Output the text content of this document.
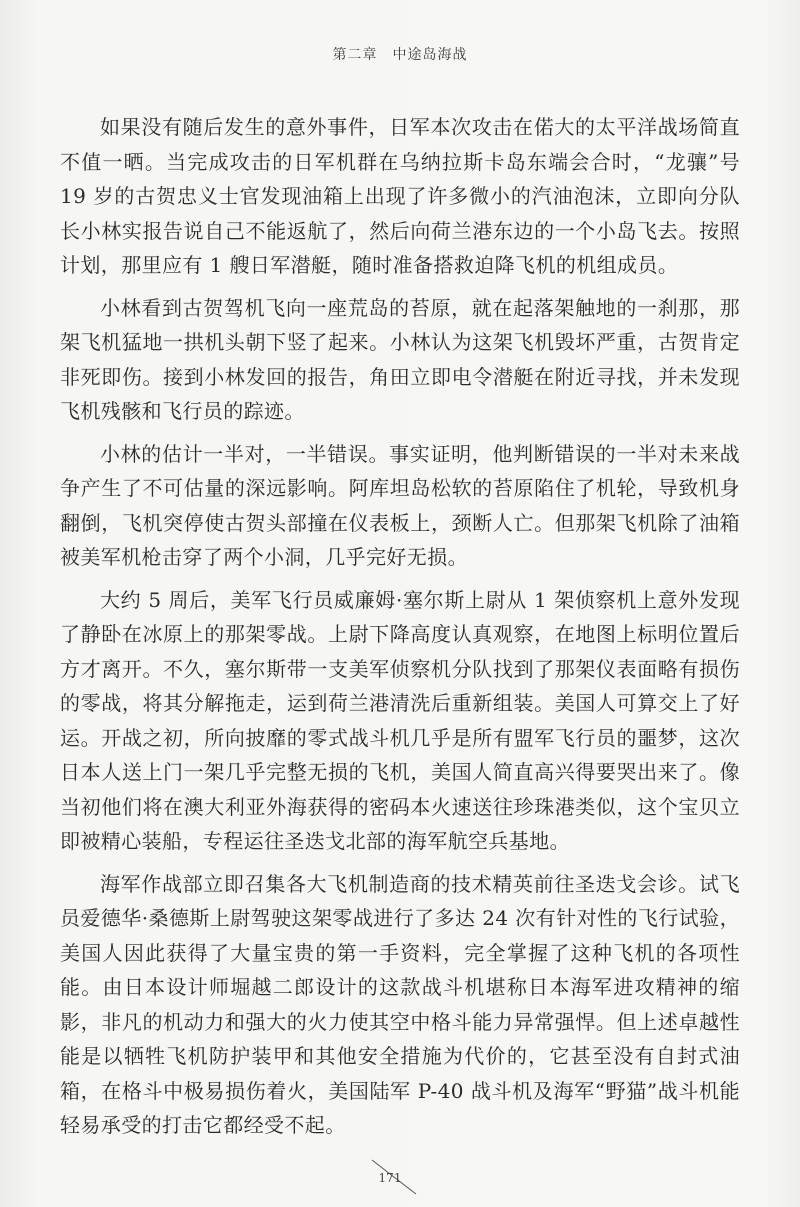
第二章　中途岛海战

如果没有随后发生的意外事件，日军本次攻击在偌大的太平洋战场简直不值一晒。当完成攻击的日军机群在乌纳拉斯卡岛东端会合时，“龙骧”号 19 岁的古贺忠义士官发现油箱上出现了许多微小的汽油泡沫，立即向分队长小林实报告说自己不能返航了，然后向荷兰港东边的一个小岛飞去。按照计划，那里应有 1 艘日军潜艇，随时准备搭救迫降飞机的机组成员。

小林看到古贺驾机飞向一座荒岛的苔原，就在起落架触地的一刹那，那架飞机猛地一拱机头朝下竖了起来。小林认为这架飞机毁坏严重，古贺肯定非死即伤。接到小林发回的报告，角田立即电令潜艇在附近寻找，并未发现飞机残骸和飞行员的踪迹。

小林的估计一半对，一半错误。事实证明，他判断错误的一半对未来战争产生了不可估量的深远影响。阿库坦岛松软的苔原陷住了机轮，导致机身翻倒，飞机突停使古贺头部撞在仪表板上，颈断人亡。但那架飞机除了油箱被美军机枪击穿了两个小洞，几乎完好无损。

大约 5 周后，美军飞行员威廉姆·塞尔斯上尉从 1 架侦察机上意外发现了静卧在冰原上的那架零战。上尉下降高度认真观察，在地图上标明位置后方才离开。不久，塞尔斯带一支美军侦察机分队找到了那架仪表面略有损伤的零战，将其分解拖走，运到荷兰港清洗后重新组装。美国人可算交上了好运。开战之初，所向披靡的零式战斗机几乎是所有盟军飞行员的噩梦，这次日本人送上门一架几乎完整无损的飞机，美国人简直高兴得要哭出来了。像当初他们将在澳大利亚外海获得的密码本火速送往珍珠港类似，这个宝贝立即被精心装船，专程运往圣迭戈北部的海军航空兵基地。

海军作战部立即召集各大飞机制造商的技术精英前往圣迭戈会诊。试飞员爱德华·桑德斯上尉驾驶这架零战进行了多达 24 次有针对性的飞行试验，美国人因此获得了大量宝贵的第一手资料，完全掌握了这种飞机的各项性能。由日本设计师堀越二郎设计的这款战斗机堪称日本海军进攻精神的缩影，非凡的机动力和强大的火力使其空中格斗能力异常强悍。但上述卓越性能是以牺牲飞机防护装甲和其他安全措施为代价的，它甚至没有自封式油箱，在格斗中极易损伤着火，美国陆军 P-40 战斗机及海军“野猫”战斗机能轻易承受的打击它都经受不起。

171
